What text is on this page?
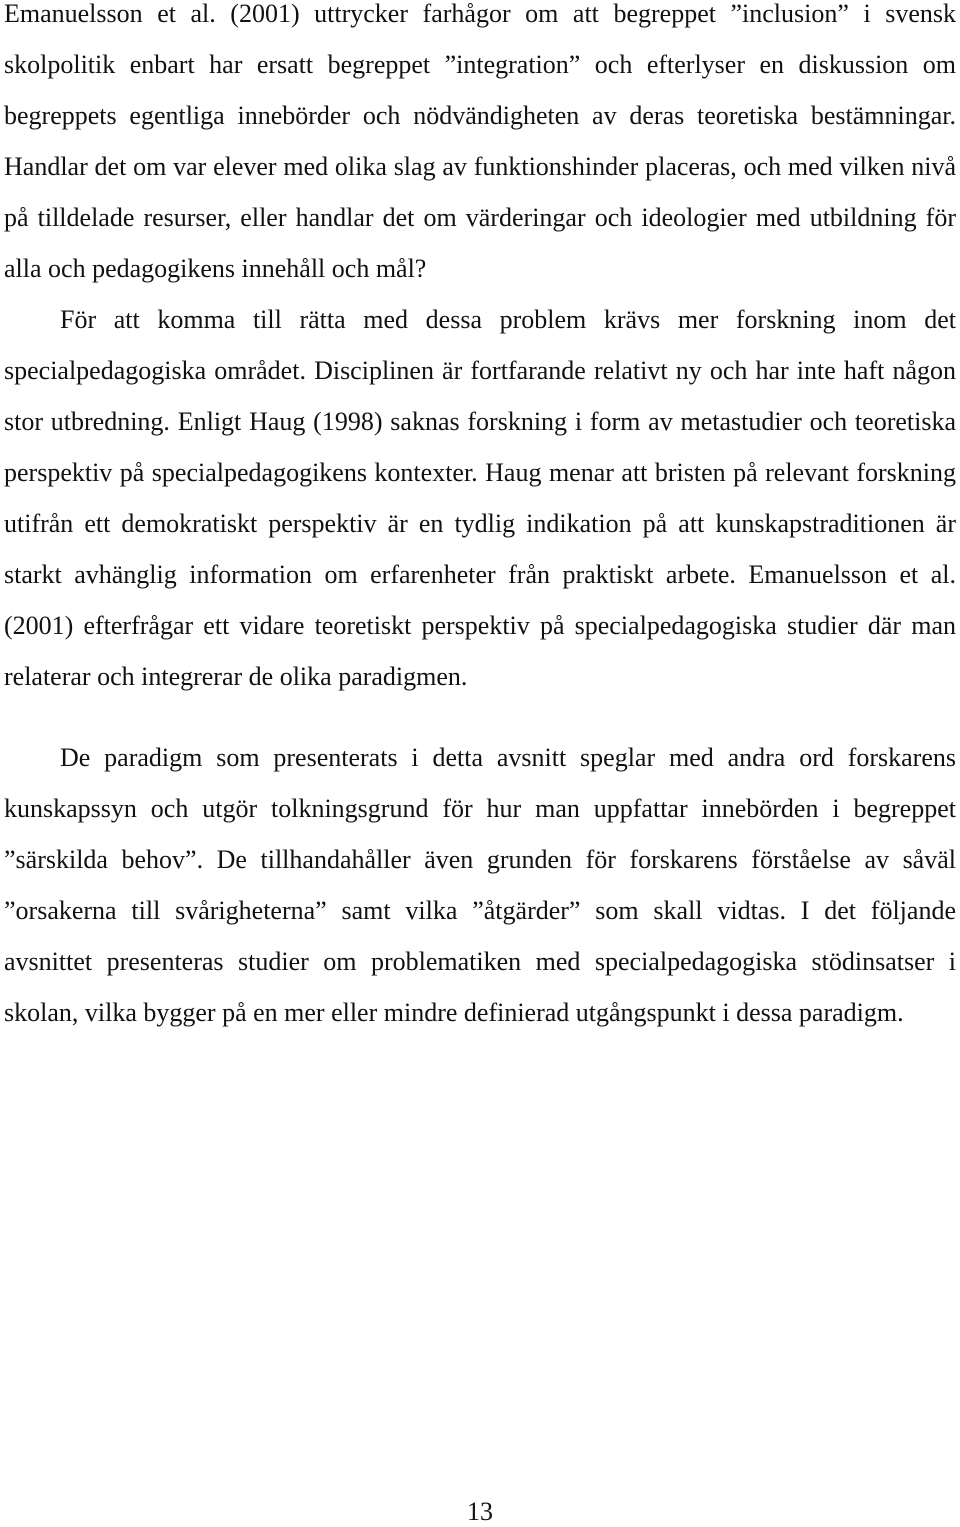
Emanuelsson et al. (2001) uttrycker farhågor om att begreppet ”inclusion” i svensk skolpolitik enbart har ersatt begreppet ”integration” och efterlyser en diskussion om begreppets egentliga innebörder och nödvändigheten av deras teoretiska bestämningar. Handlar det om var elever med olika slag av funktionshinder placeras, och med vilken nivå på tilldelade resurser, eller handlar det om värderingar och ideologier med utbildning för alla och pedagogikens innehåll och mål?

För att komma till rätta med dessa problem krävs mer forskning inom det specialpedagogiska området. Disciplinen är fortfarande relativt ny och har inte haft någon stor utbredning. Enligt Haug (1998) saknas forskning i form av metastudier och teoretiska perspektiv på specialpedagogikens kontexter. Haug menar att bristen på relevant forskning utifrån ett demokratiskt perspektiv är en tydlig indikation på att kunskapstraditionen är starkt avhänglig information om erfarenheter från praktiskt arbete. Emanuelsson et al. (2001) efterfrågar ett vidare teoretiskt perspektiv på specialpedagogiska studier där man relaterar och integrerar de olika paradigmen.

De paradigm som presenterats i detta avsnitt speglar med andra ord forskarens kunskapssyn och utgör tolkningsgrund för hur man uppfattar innebörden i begreppet ”särskilda behov”. De tillhandahåller även grunden för forskarens förståelse av såväl ”orsakerna till svårigheterna” samt vilka ”åtgärder” som skall vidtas. I det följande avsnittet presenteras studier om problematiken med specialpedagogiska stödinsatser i skolan, vilka bygger på en mer eller mindre definierad utgångspunkt i dessa paradigm.

13
